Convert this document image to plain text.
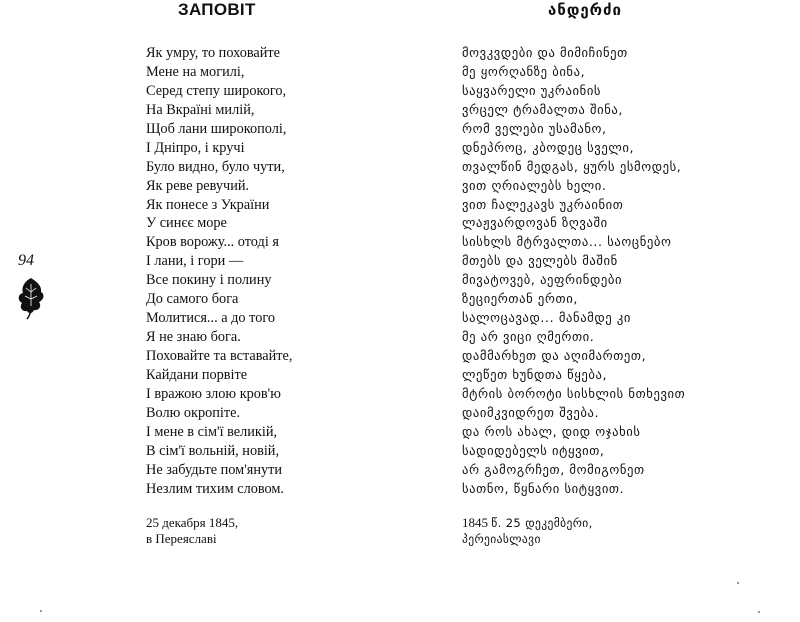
ЗАПОВІТ	ანდერძი
Як умру, то поховайте
Мене на могилі,
Серед степу широкого,
На Вкраїні милій,
Щоб лани широкополі,
І Дніпро, і кручі
Було видно, було чути,
Як реве ревучий.
Як понесе з України
У синєє море
Кров ворожу... отоді я
І лани, і гори —
Все покину і полину
До самого бога
Молитися... а до того
Я не знаю бога.
Поховайте та вставайте,
Кайдани порвіте
І вражою злою кров'ю
Волю окропіте.
І мене в сім'ї великій,
В сім'ї вольній, новій,
Не забудьте пом'янути
Незлим тихим словом.
მოვკვდები და მიმიჩინეთ
მე ყორღანზე ბინა,
საყვარელი უკრაინის
ვრცელ ტრამალთა შინა,
რომ ველები უსამანო,
დნეპროც, კბოდეც სველი,
თვალწინ მედგას, ყურს ესმოდეს,
ვით ღრიალებს ხელი.
ვით ჩალეკავს უკრაინით
ლაჟვარდოვან ზღვაში
სისხლს მტრვალთა... საოცნებო
მთებს და ველებს მაშინ
მივატოვებ, აეფრინდები
ზეციერთან ერთი,
სალოცავად... მანამდე კი
მე არ ვიცი ღმერთი.
დამმარხეთ და აღიმართეთ,
ლეწეთ ხუნდთა წყება,
მტრის ბოროტი სისხლის ნთხევით
დაიმკვიდრეთ შვება.
და როს ახალ, დიდ ოჯახის
სადიდებელს იტყვით,
არ გამოგრჩეთ, მომიგონეთ
სათნო, წყნარი სიტყვით.
25 декабря 1845,
в Переяславі
1845 წ. 25 დეკემბერი,
პერეიასლავი
94
